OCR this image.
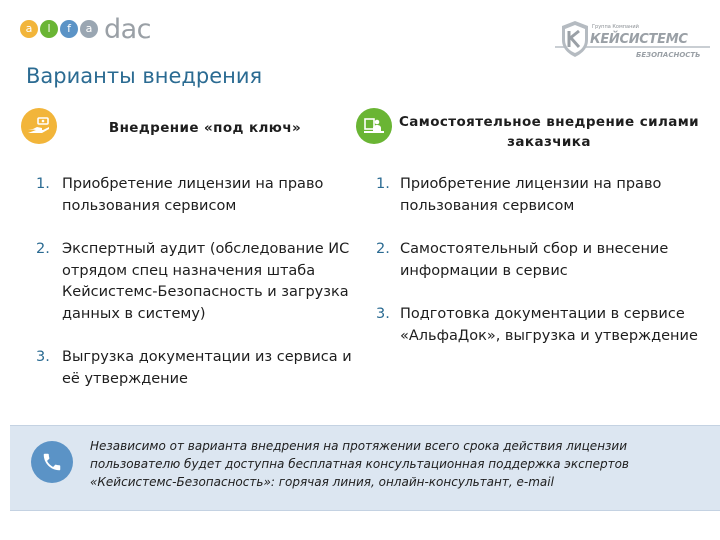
a	l	f	a dac	Группа Компаний
КЕЙСИСТЕМС
БЕЗОПАСНОСТЬ
Варианты внедрения
Внедрение «под ключ»
1. Приобретение лицензии на право пользования сервисом
2. Экспертный аудит (обследование ИС отрядом спец назначения штаба Кейсистемс-Безопасность и загрузка данных в систему)
3. Выгрузка документации из сервиса и её утверждение
Самостоятельное внедрение силами заказчика
1. Приобретение лицензии на право пользования сервисом
2. Самостоятельный сбор и внесение информации в сервис
3. Подготовка документации в сервисе «АльфаДок», выгрузка и утверждение
Независимо от варианта внедрения на протяжении всего срока действия лицензии пользователю будет доступна бесплатная консультационная поддержка экспертов «Кейсистемс-Безопасность»: горячая линия, онлайн-консультант, e-mail
